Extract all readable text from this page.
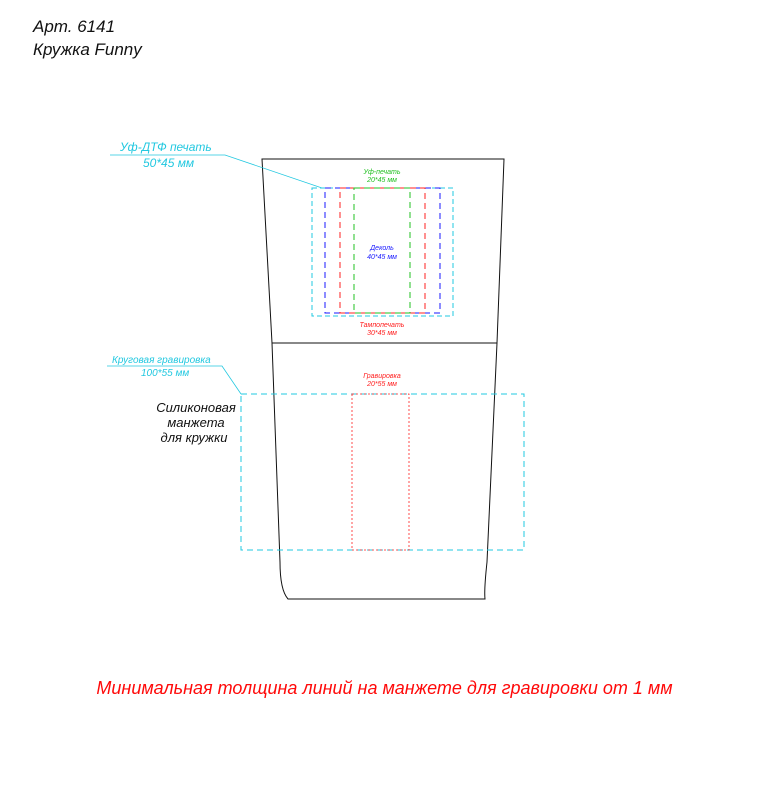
Арт. 6141
Кружка Funny
Уф-ДТФ печать
50*45 мм
Уф-печать
20*45 мм
Деколь
40*45 мм
Тампопечать
30*45 мм
Круговая гравировка
100*55 мм	Гравировка
20*55 мм
Силиконовая
манжета
для кружки
Минимальная толщина линий на манжете для гравировки от 1 мм
